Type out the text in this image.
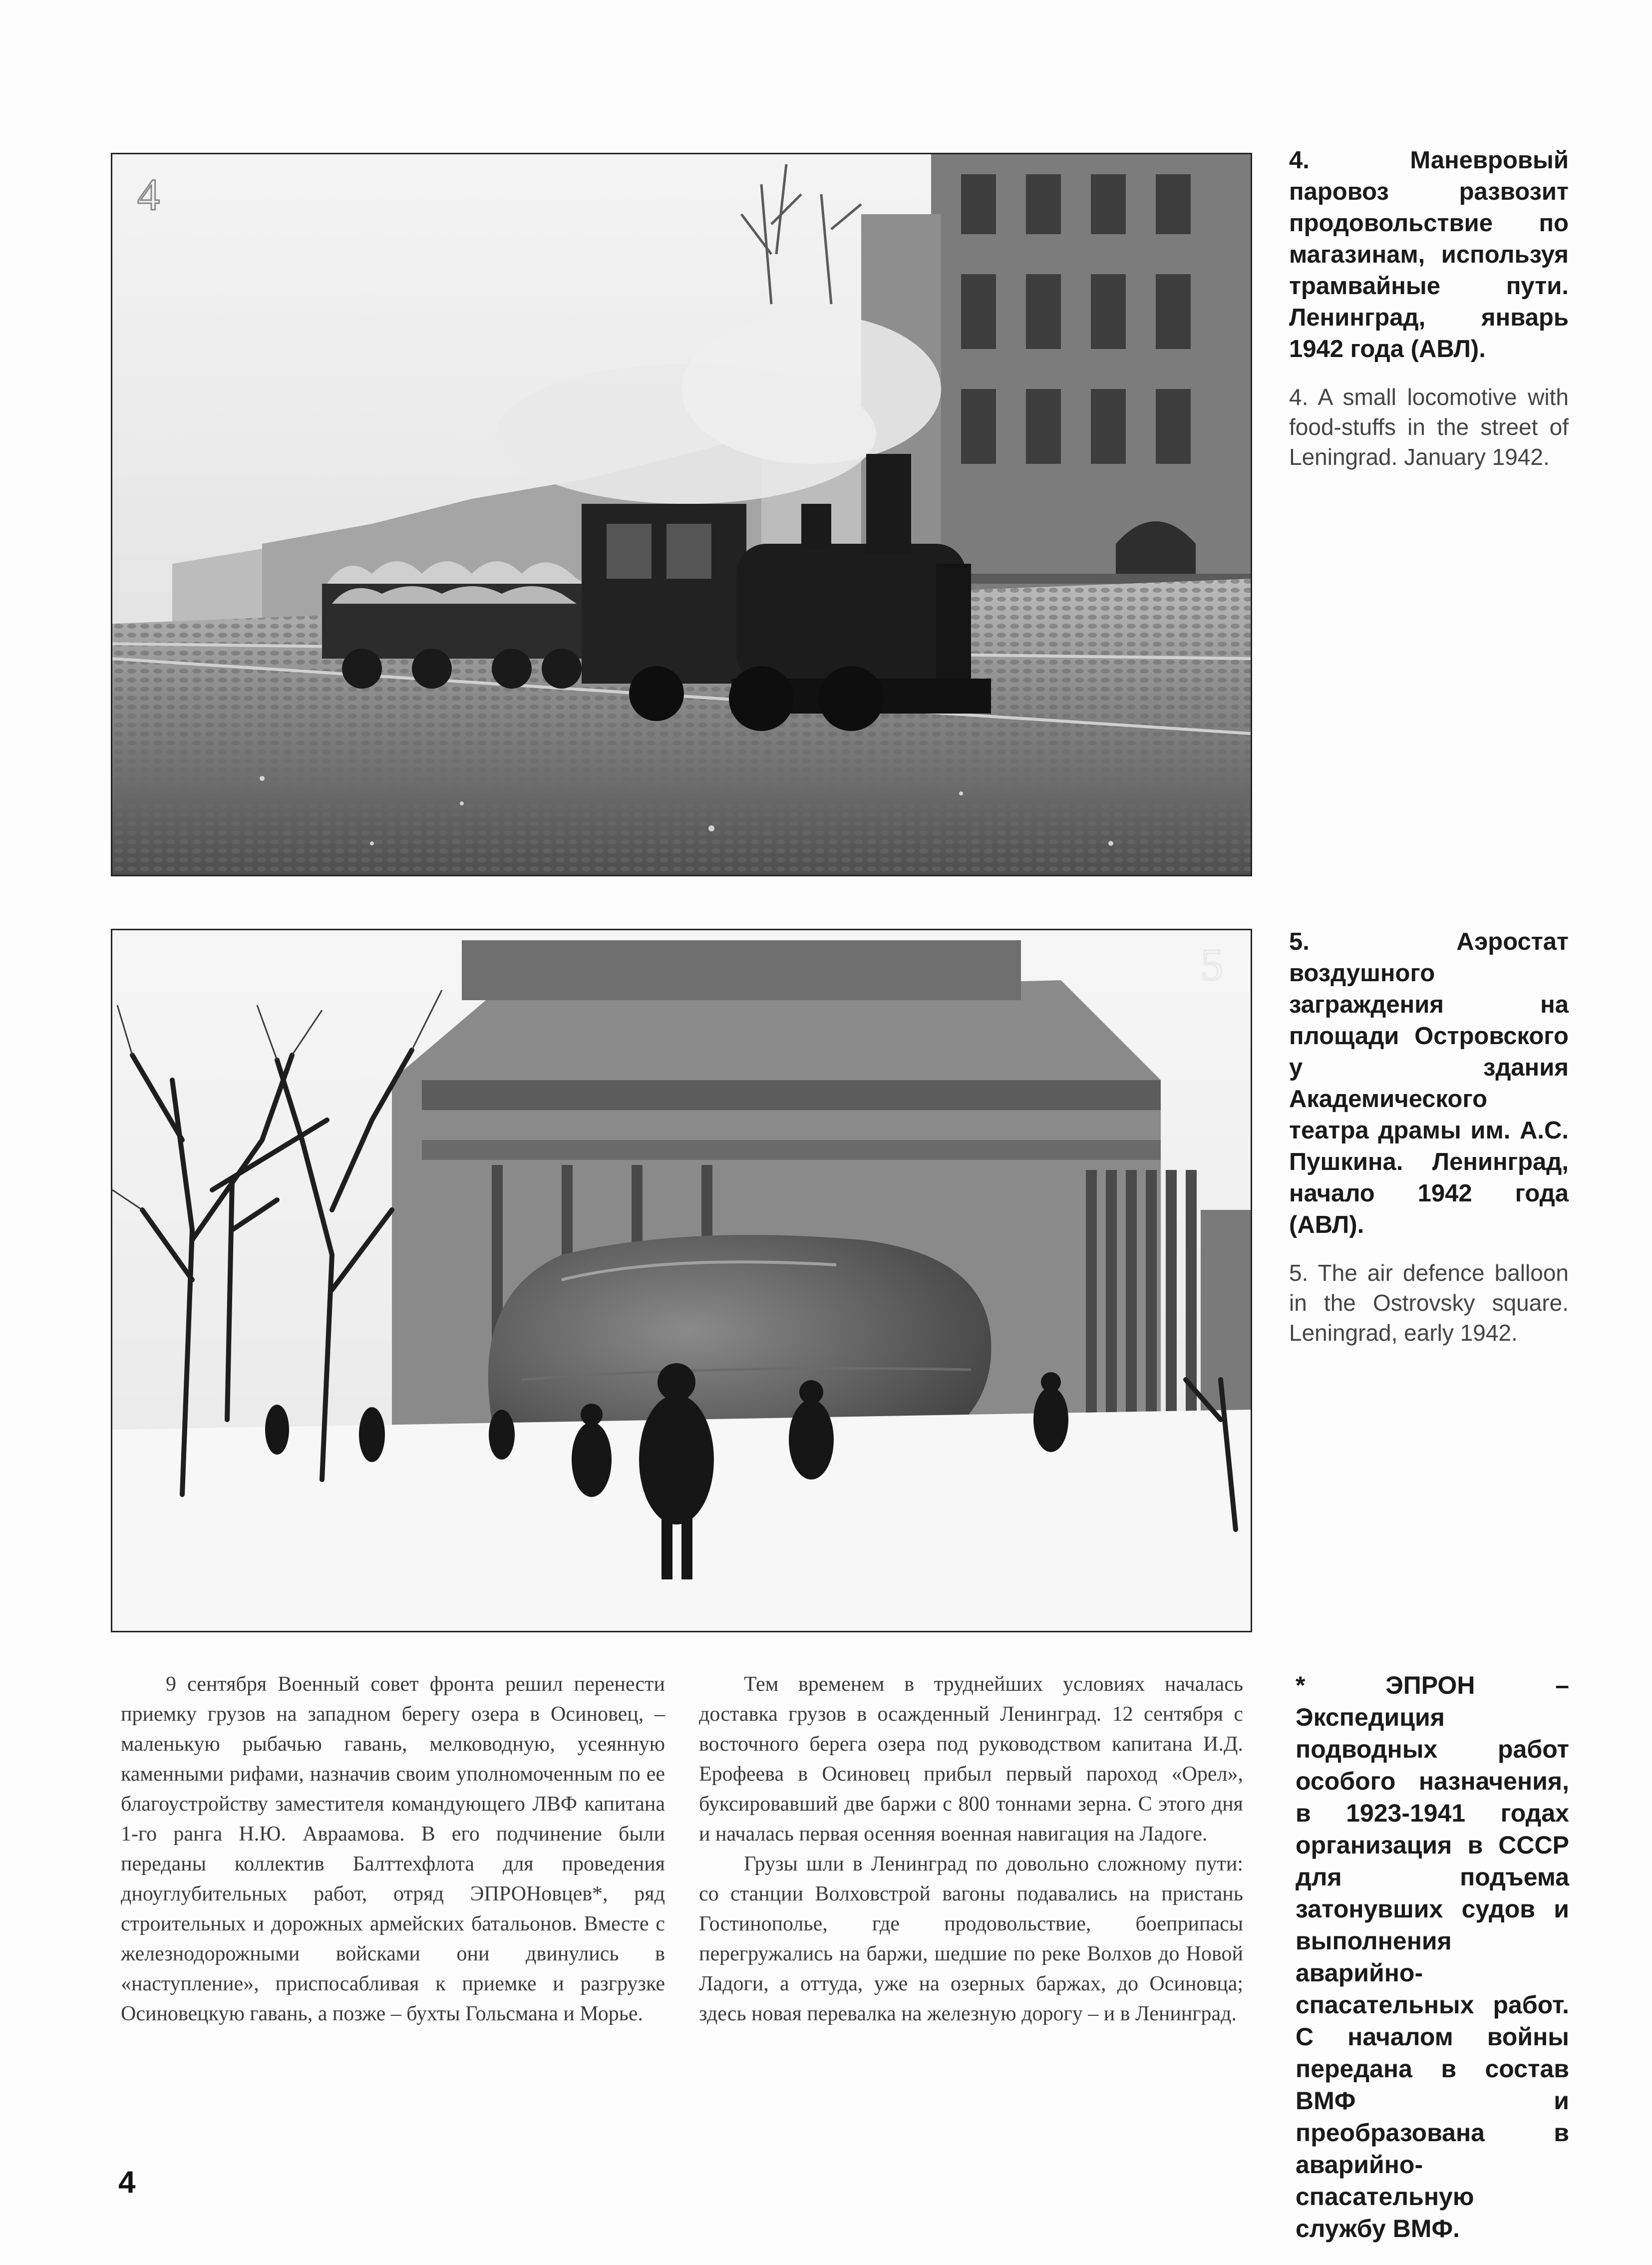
4

4. Маневровый паровоз развозит продовольствие по магазинам, используя трамвайные пути. Ленинград, январь 1942 года (АВЛ).

4. A small locomotive with food-stuffs in the street of Leningrad. January 1942.

5	5. Аэростат воздушного заграждения на площади Островского у здания Академического театра драмы им. А.С. Пушкина. Ленинград, начало 1942 года (АВЛ).

5. The air defence balloon in the Ostrovsky square. Leningrad, early 1942.

9 сентября Военный совет фронта решил перенести приемку грузов на западном берегу озера в Осиновец, – маленькую рыбачью гавань, мелководную, усеянную каменными рифами, назначив своим уполномоченным по ее благоустройству заместителя командующего ЛВФ капитана 1-го ранга Н.Ю. Авраамова. В его подчинение были переданы коллектив Балттехфлота для проведения дноуглубительных работ, отряд ЭПРОНовцев*, ряд строительных и дорожных армейских батальонов. Вместе с железнодорожными войсками они двинулись в «наступление», приспосабливая к приемке и разгрузке Осиновецкую гавань, а позже – бухты Гольсмана и Морье.

Тем временем в труднейших условиях началась доставка грузов в осажденный Ленинград. 12 сентября с восточного берега озера под руководством капитана И.Д. Ерофеева в Осиновец прибыл первый пароход «Орел», буксировавший две баржи с 800 тоннами зерна. С этого дня и началась первая осенняя военная навигация на Ладоге.

Грузы шли в Ленинград по довольно сложному пути: со станции Волховстрой вагоны подавались на пристань Гостинополье, где продовольствие, боеприпасы перегружались на баржи, шедшие по реке Волхов до Новой Ладоги, а оттуда, уже на озерных баржах, до Осиновца; здесь новая перевалка на железную дорогу – и в Ленинград.

* ЭПРОН – Экспедиция подводных работ особого назначения, в 1923-1941 годах организация в СССР для подъема затонувших судов и выполнения аварийно-спасательных работ. С началом войны передана в состав ВМФ и преобразована в аварийно-спасательную службу ВМФ.

4
